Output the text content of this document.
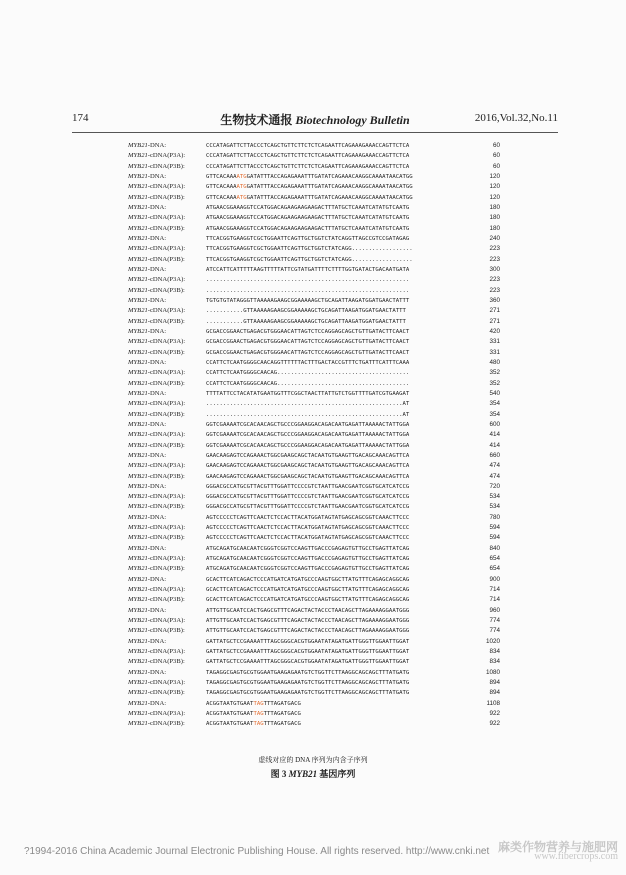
174	生物技术通报 Biotechnology Bulletin	2016,Vol.32,No.11
MYB21-DNA:	CCCATAGATTCTTACCCTCAGCTGTTCTTCTCTCAGAATTCAGAAAGAAACCAGTTCTCA	60
MYB21-cDNA(P3A):	CCCATAGATTCTTACCCTCAGCTGTTCTTCTCTCAGAATTCAGAAAGAAACCAGTTCTCA	60
MYB21-cDNA(P3B):	CCCATAGATTCTTACCCTCAGCTGTTCTTCTCTCAGAATTCAGAAAGAAACCAGTTCTCA	60
MYB21-DNA:	GTTCACAAAATGGATATTTACCAGAGAAATTTGATATCAGAAACAAGGCAAAATAACATGG	120
MYB21-cDNA(P3A):	GTTCACAAAATGGATATTTACCAGAGAAATTTGATATCAGAAACAAGGCAAAATAACATGG	120
MYB21-cDNA(P3B):	GTTCACAAAATGGATATTTACCAGAGAAATTTGATATCAGAAACAAGGCAAAATAACATGG	120
MYB21-DNA:	ATGAACGGAAAGGTCCATGGACAGAAGAAGAAGACTTTATGCTCAAATCATATGTCAATG	180
MYB21-cDNA(P3A):	ATGAACGGAAAGGTCCATGGACAGAAGAAGAAGACTTTATGCTCAAATCATATGTCAATG	180
MYB21-cDNA(P3B):	ATGAACGGAAAGGTCCATGGACAGAAGAAGAAGACTTTATGCTCAAATCATATGTCAATG	180
MYB21-DNA:	TTCACGGTGAAGGTCGCTGGAATTCAGTTGCTGGTCTATCAGGTTAGCCGTCCGATAGAG	240
MYB21-cDNA(P3A):	TTCACGGTGAAGGTCGCTGGAATTCAGTTGCTGGTCTATCAGG..................	223
MYB21-cDNA(P3B):	TTCACGGTGAAGGTCGCTGGAATTCAGTTGCTGGTCTATCAGG..................	223
MYB21-DNA:	ATCCATTCATTTTTAAGTTTTTATTCGTATGATTTTCTTTTGGTGATACTGACAATGATA	300
MYB21-cDNA(P3A):	............................................................	223
MYB21-cDNA(P3B):	............................................................	223
MYB21-DNA:	TGTGTGTATAGGGTTAAAAAGAAGCGGAAAAAGCTGCAGATTAAGATGGATGAACTATTT	360
MYB21-cDNA(P3A):	...........GTTAAAAAGAAGCGGAAAAAGCTGCAGATTAAGATGGATGAACTATTT	271
MYB21-cDNA(P3B):	...........GTTAAAAAGAAGCGGAAAAAGCTGCAGATTAAGATGGATGAACTATTT	271
MYB21-DNA:	GCGACCGGAACTGAGACGTGGGAACATTAGTCTCCAGGAGCAGCTGTTGATACTTCAACT	420
MYB21-cDNA(P3A):	GCGACCGGAACTGAGACGTGGGAACATTAGTCTCCAGGAGCAGCTGTTGATACTTCAACT	331
MYB21-cDNA(P3B):	GCGACCGGAACTGAGACGTGGGAACATTAGTCTCCAGGAGCAGCTGTTGATACTTCAACT	331
MYB21-DNA:	CCATTCTCAATGGGGCAACAGGTTTTTTACTTTGACTACCGTTTCTGATTTCATTTCAAA	480
MYB21-cDNA(P3A):	CCATTCTCAATGGGGCAACAG.......................................	352
MYB21-cDNA(P3B):	CCATTCTCAATGGGGCAACAG.......................................	352
MYB21-DNA:	TTTTATTCCTACATATGAATGGTTTCGGCTAACTTATTGTCTGGTTTTGATCGTGAAGAT	540
MYB21-cDNA(P3A):	..........................................................AT	354
MYB21-cDNA(P3B):	..........................................................AT	354
MYB21-DNA:	GGTCGAAAATCGCACAACAGCTGCCCGGAAGGACAGACAATGAGATTAAAAACTATTGGA	600
MYB21-cDNA(P3A):	GGTCGAAAATCGCACAACAGCTGCCCGGAAGGACAGACAATGAGATTAAAAACTATTGGA	414
MYB21-cDNA(P3B):	GGTCGAAAATCGCACAACAGCTGCCCGGAAGGACAGACAATGAGATTAAAAACTATTGGA	414
MYB21-DNA:	GAACAAGAGTCCAGAAACTGGCGAAGCAGCTACAATGTGAAGTTGACAGCAAACAGTTCA	660
MYB21-cDNA(P3A):	GAACAAGAGTCCAGAAACTGGCGAAGCAGCTACAATGTGAAGTTGACAGCAAACAGTTCA	474
MYB21-cDNA(P3B):	GAACAAGAGTCCAGAAACTGGCGAAGCAGCTACAATGTGAAGTTGACAGCAAACAGTTCA	474
MYB21-DNA:	GGGACGCCATGCGTTACGTTTGGATTCCCCGTCTAATTGAACGAATCGGTGCATCATCCG	720
MYB21-cDNA(P3A):	GGGACGCCATGCGTTACGTTTGGATTCCCCGTCTAATTGAACGAATCGGTGCATCATCCG	534
MYB21-cDNA(P3B):	GGGACGCCATGCGTTACGTTTGGATTCCCCGTCTAATTGAACGAATCGGTGCATCATCCG	534
MYB21-DNA:	AGTCCCCCTCAGTTCAACTCTCCACTTACATGGATAGTATGAGCAGCGGTCAAACTTCCC	780
MYB21-cDNA(P3A):	AGTCCCCCTCAGTTCAACTCTCCACTTACATGGATAGTATGAGCAGCGGTCAAACTTCCC	594
MYB21-cDNA(P3B):	AGTCCCCCTCAGTTCAACTCTCCACTTACATGGATAGTATGAGCAGCGGTCAAACTTCCC	594
MYB21-DNA:	ATGCAGATGCAACAATCGGGTCGGTCCAAGTTGACCCGAGAGTGTTGCCTGAGTTATCAG	840
MYB21-cDNA(P3A):	ATGCAGATGCAACAATCGGGTCGGTCCAAGTTGACCCGAGAGTGTTGCCTGAGTTATCAG	654
MYB21-cDNA(P3B):	ATGCAGATGCAACAATCGGGTCGGTCCAAGTTGACCCGAGAGTGTTGCCTGAGTTATCAG	654
MYB21-DNA:	GCACTTCATCAGACTCCCATGATCATGATGCCCAAGTGGCTTATGTTTCAGAGCAGGCAG	900
MYB21-cDNA(P3A):	GCACTTCATCAGACTCCCATGATCATGATGCCCAAGTGGCTTATGTTTCAGAGCAGGCAG	714
MYB21-cDNA(P3B):	GCACTTCATCAGACTCCCATGATCATGATGCCCAAGTGGCTTATGTTTCAGAGCAGGCAG	714
MYB21-DNA:	ATTGTTGCAATCCACTGAGCGTTTCAGACTACTACCCTAACAGCTTAGAAAAGGAATGGG	960
MYB21-cDNA(P3A):	ATTGTTGCAATCCACTGAGCGTTTCAGACTACTACCCTAACAGCTTAGAAAAGGAATGGG	774
MYB21-cDNA(P3B):	ATTGTTGCAATCCACTGAGCGTTTCAGACTACTACCCTAACAGCTTAGAAAAGGAATGGG	774
MYB21-DNA:	GATTATGCTCCGAAAATTTAGCGGGCACGTGGAATATAGATGATTGGGTTGGAATTGGAT	1020
MYB21-cDNA(P3A):	GATTATGCTCCGAAAATTTAGCGGGCACGTGGAATATAGATGATTGGGTTGGAATTGGAT	834
MYB21-cDNA(P3B):	GATTATGCTCCGAAAATTTAGCGGGCACGTGGAATATAGATGATTGGGTTGGAATTGGAT	834
MYB21-DNA:	TAGAGGCGAGTGCGTGGAATGAAGAGAATGTCTGGTTCTTAAGGCAGCAGCTTTATGATG	1080
MYB21-cDNA(P3A):	TAGAGGCGAGTGCGTGGAATGAAGAGAATGTCTGGTTCTTAAGGCAGCAGCTTTATGATG	894
MYB21-cDNA(P3B):	TAGAGGCGAGTGCGTGGAATGAAGAGAATGTCTGGTTCTTAAGGCAGCAGCTTTATGATG	894
MYB21-DNA:	ACGGTAATGTGAATTAGTTTAGATGACG	1108
MYB21-cDNA(P3A):	ACGGTAATGTGAATTAGTTTAGATGACG	922
MYB21-cDNA(P3B):	ACGGTAATGTGAATTAGTTTAGATGACG	922
虚线对应的 DNA 序列为内含子序列
图 3 MYB21 基因序列
?1994-2016 China Academic Journal Electronic Publishing House. All rights reserved. http://www.cnki.net 麻类作物营养与施肥网
www.fibercrops.com
